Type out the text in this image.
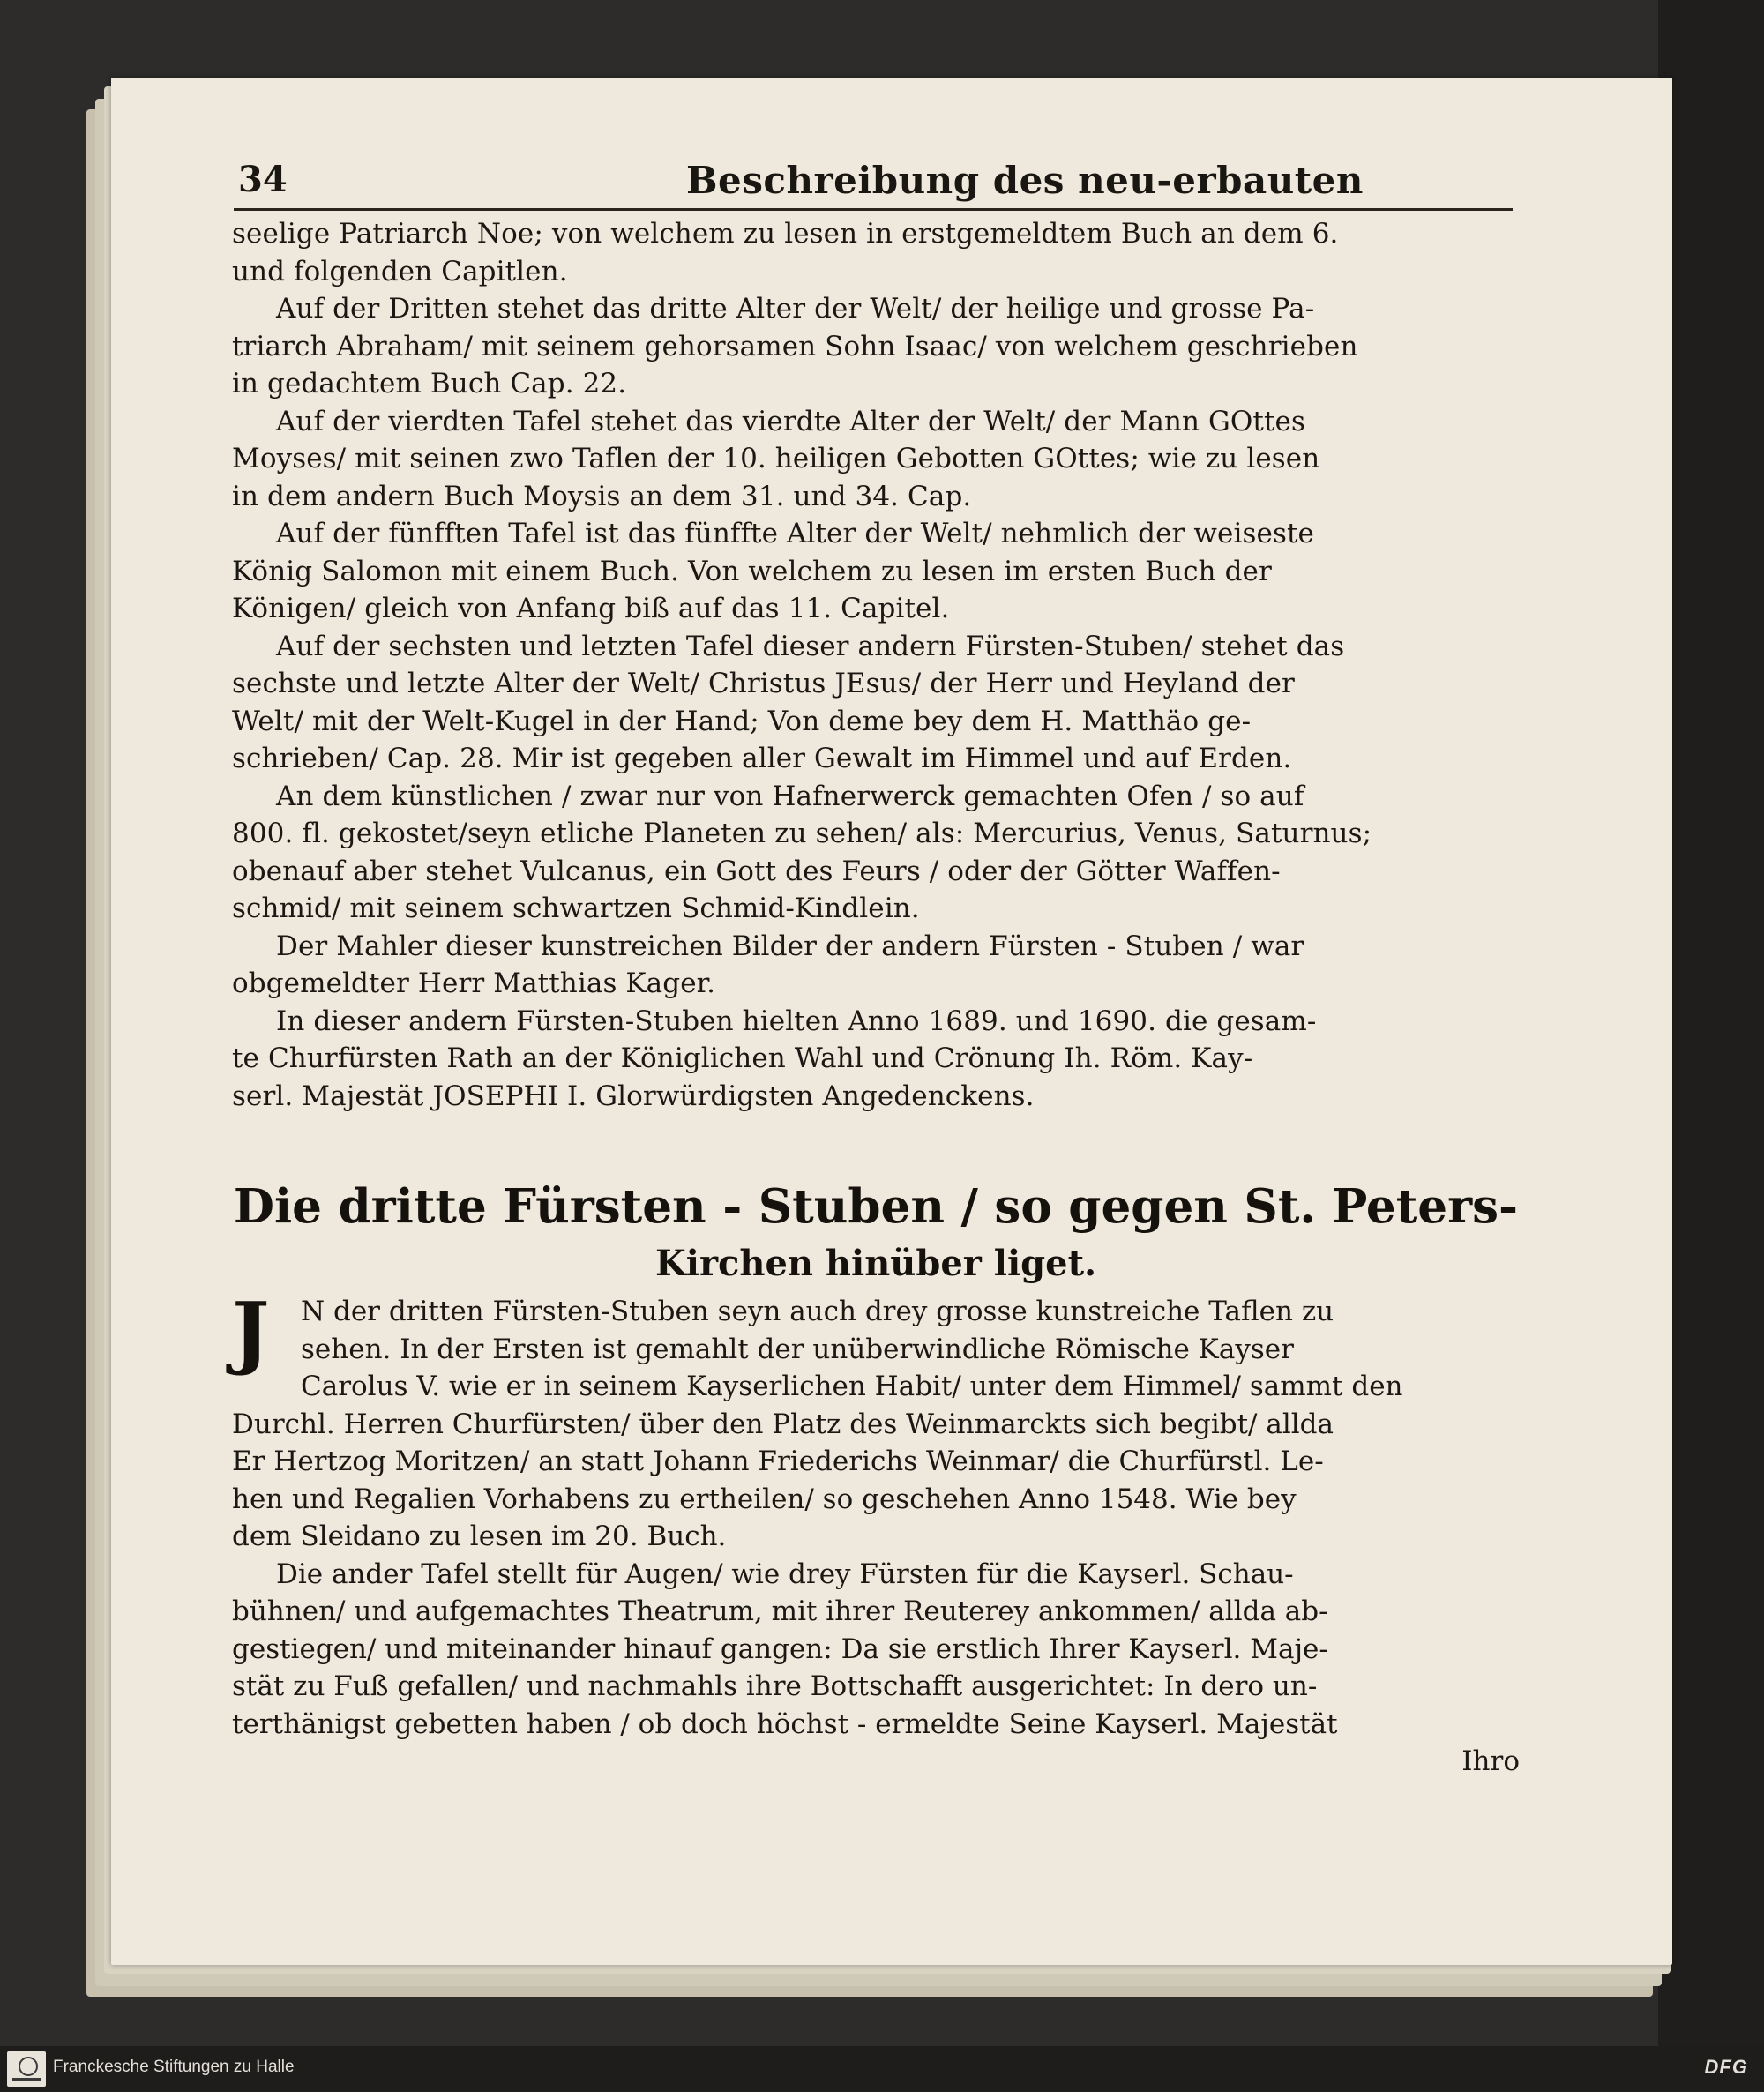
34	Beschreibung des neu-erbauten
seelige Patriarch Noe; von welchem zu lesen in erstgemeldtem Buch an dem 6.
und folgenden Capitlen.
Auf der Dritten stehet das dritte Alter der Welt/ der heilige und grosse Pa-
triarch Abraham/ mit seinem gehorsamen Sohn Isaac/ von welchem geschrieben
in gedachtem Buch Cap. 22.
Auf der vierdten Tafel stehet das vierdte Alter der Welt/ der Mann GOttes
Moyses/ mit seinen zwo Taflen der 10. heiligen Gebotten GOttes; wie zu lesen
in dem andern Buch Moysis an dem 31. und 34. Cap.
Auf der fünfften Tafel ist das fünffte Alter der Welt/ nehmlich der weiseste
König Salomon mit einem Buch. Von welchem zu lesen im ersten Buch der
Königen/ gleich von Anfang biß auf das 11. Capitel.
Auf der sechsten und letzten Tafel dieser andern Fürsten-Stuben/ stehet das
sechste und letzte Alter der Welt/ Christus JEsus/ der Herr und Heyland der
Welt/ mit der Welt-Kugel in der Hand; Von deme bey dem H. Matthäo ge-
schrieben/ Cap. 28. Mir ist gegeben aller Gewalt im Himmel und auf Erden.
An dem künstlichen / zwar nur von Hafnerwerck gemachten Ofen / so auf
800. fl. gekostet/seyn etliche Planeten zu sehen/ als: Mercurius, Venus, Saturnus;
obenauf aber stehet Vulcanus, ein Gott des Feurs / oder der Götter Waffen-
schmid/ mit seinem schwartzen Schmid-Kindlein.
Der Mahler dieser kunstreichen Bilder der andern Fürsten - Stuben / war
obgemeldter Herr Matthias Kager.
In dieser andern Fürsten-Stuben hielten Anno 1689. und 1690. die gesam-
te Churfürsten Rath an der Königlichen Wahl und Crönung Ih. Röm. Kay-
serl. Majestät JOSEPHI I. Glorwürdigsten Angedenckens.
Die dritte Fürsten - Stuben / so gegen St. Peters-
Kirchen hinüber liget.
J	N der dritten Fürsten-Stuben seyn auch drey grosse kunstreiche Taflen zu
sehen. In der Ersten ist gemahlt der unüberwindliche Römische Kayser
Carolus V. wie er in seinem Kayserlichen Habit/ unter dem Himmel/ sammt den
Durchl. Herren Churfürsten/ über den Platz des Weinmarckts sich begibt/ allda
Er Hertzog Moritzen/ an statt Johann Friederichs Weinmar/ die Churfürstl. Le-
hen und Regalien Vorhabens zu ertheilen/ so geschehen Anno 1548. Wie bey
dem Sleidano zu lesen im 20. Buch.
Die ander Tafel stellt für Augen/ wie drey Fürsten für die Kayserl. Schau-
bühnen/ und aufgemachtes Theatrum, mit ihrer Reuterey ankommen/ allda ab-
gestiegen/ und miteinander hinauf gangen: Da sie erstlich Ihrer Kayserl. Maje-
stät zu Fuß gefallen/ und nachmahls ihre Bottschafft ausgerichtet: In dero un-
terthänigst gebetten haben / ob doch höchst - ermeldte Seine Kayserl. Majestät
Ihro
Franckesche Stiftungen zu Halle	DFG
